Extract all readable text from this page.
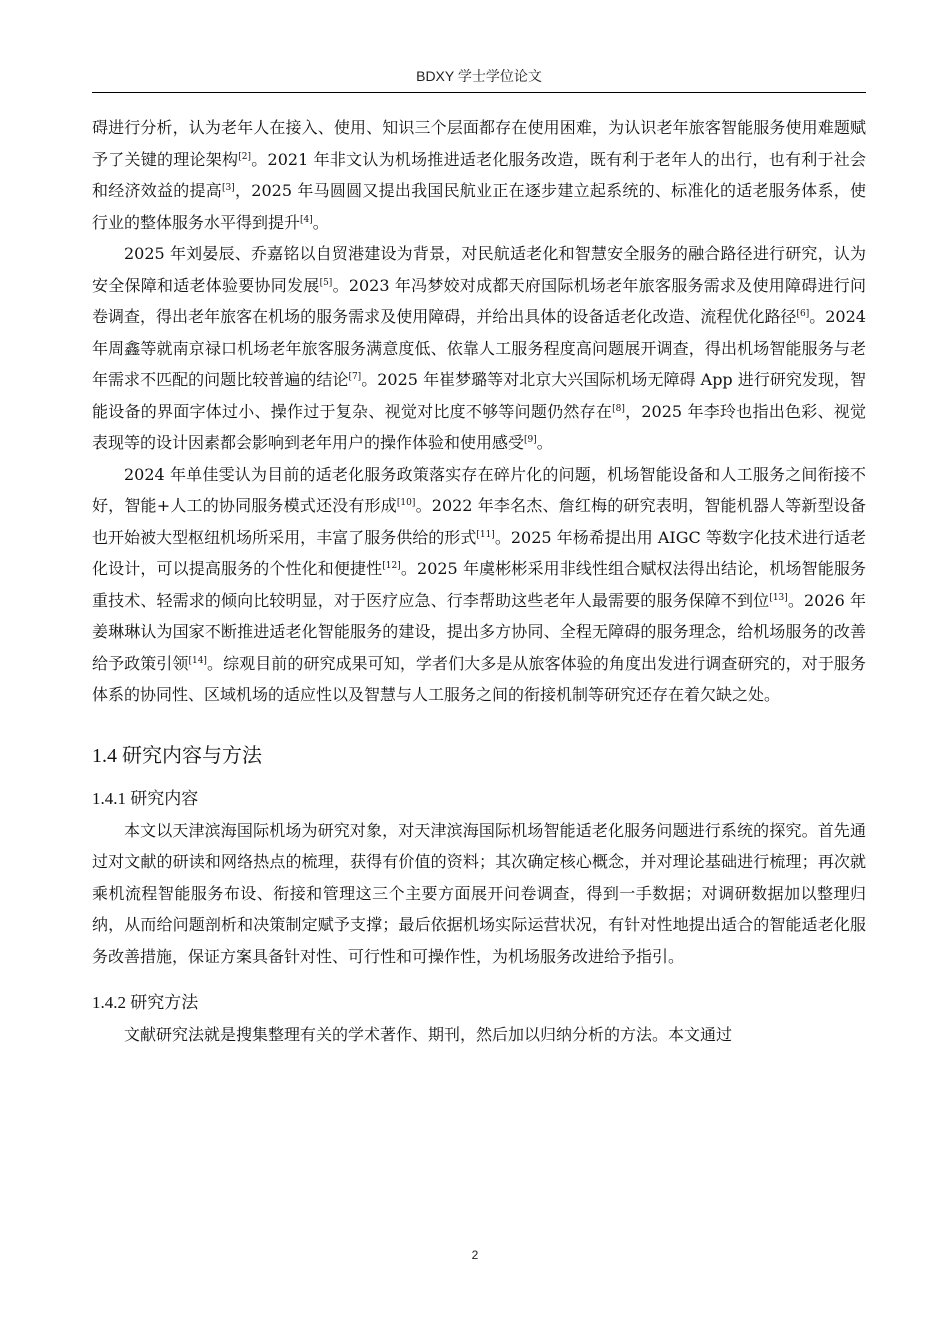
BDXY 学士学位论文

碍进行分析，认为老年人在接入、使用、知识三个层面都存在使用困难，为认识老年旅客智能服务使用难题赋予了关键的理论架构[2]。2021 年非文认为机场推进适老化服务改造，既有利于老年人的出行，也有利于社会和经济效益的提高[3]，2025 年马圆圆又提出我国民航业正在逐步建立起系统的、标准化的适老服务体系，使行业的整体服务水平得到提升[4]。

2025 年刘晏辰、乔嘉铭以自贸港建设为背景，对民航适老化和智慧安全服务的融合路径进行研究，认为安全保障和适老体验要协同发展[5]。2023 年冯梦姣对成都天府国际机场老年旅客服务需求及使用障碍进行问卷调查，得出老年旅客在机场的服务需求及使用障碍，并给出具体的设备适老化改造、流程优化路径[6]。2024 年周鑫等就南京禄口机场老年旅客服务满意度低、依靠人工服务程度高问题展开调查，得出机场智能服务与老年需求不匹配的问题比较普遍的结论[7]。2025 年崔梦璐等对北京大兴国际机场无障碍 App 进行研究发现，智能设备的界面字体过小、操作过于复杂、视觉对比度不够等问题仍然存在[8]，2025 年李玲也指出色彩、视觉表现等的设计因素都会影响到老年用户的操作体验和使用感受[9]。

2024 年单佳雯认为目前的适老化服务政策落实存在碎片化的问题，机场智能设备和人工服务之间衔接不好，智能+人工的协同服务模式还没有形成[10]。2022 年李名杰、詹红梅的研究表明，智能机器人等新型设备也开始被大型枢纽机场所采用，丰富了服务供给的形式[11]。2025 年杨希提出用 AIGC 等数字化技术进行适老化设计，可以提高服务的个性化和便捷性[12]。2025 年虞彬彬采用非线性组合赋权法得出结论，机场智能服务重技术、轻需求的倾向比较明显，对于医疗应急、行李帮助这些老年人最需要的服务保障不到位[13]。2026 年姜琳琳认为国家不断推进适老化智能服务的建设，提出多方协同、全程无障碍的服务理念，给机场服务的改善给予政策引领[14]。综观目前的研究成果可知，学者们大多是从旅客体验的角度出发进行调查研究的，对于服务体系的协同性、区域机场的适应性以及智慧与人工服务之间的衔接机制等研究还存在着欠缺之处。

1.4 研究内容与方法
1.4.1 研究内容

本文以天津滨海国际机场为研究对象，对天津滨海国际机场智能适老化服务问题进行系统的探究。首先通过对文献的研读和网络热点的梳理，获得有价值的资料；其次确定核心概念，并对理论基础进行梳理；再次就乘机流程智能服务布设、衔接和管理这三个主要方面展开问卷调查，得到一手数据；对调研数据加以整理归纳，从而给问题剖析和决策制定赋予支撑；最后依据机场实际运营状况，有针对性地提出适合的智能适老化服务改善措施，保证方案具备针对性、可行性和可操作性，为机场服务改进给予指引。

1.4.2 研究方法

文献研究法就是搜集整理有关的学术著作、期刊，然后加以归纳分析的方法。本文通过

2
